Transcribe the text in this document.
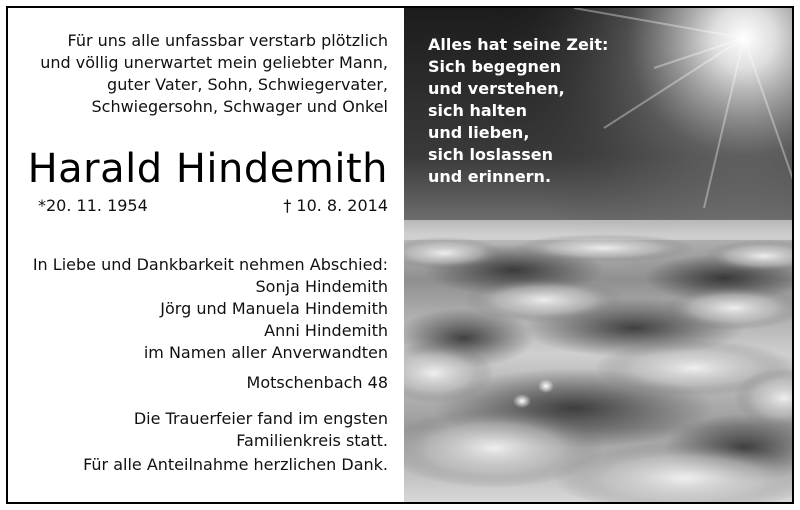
Für uns alle unfassbar verstarb plötzlich
und völlig unerwartet mein geliebter Mann,
guter Vater, Sohn, Schwiegervater,
Schwiegersohn, Schwager und Onkel
Harald Hindemith
*20. 11. 1954	† 10. 8. 2014
In Liebe und Dankbarkeit nehmen Abschied:
Sonja Hindemith
Jörg und Manuela Hindemith
Anni Hindemith
im Namen aller Anverwandten
Motschenbach 48
Die Trauerfeier fand im engsten
Familienkreis statt.
Für alle Anteilnahme herzlichen Dank.
Alles hat seine Zeit:
Sich begegnen
und verstehen,
sich halten
und lieben,
sich loslassen
und erinnern.
